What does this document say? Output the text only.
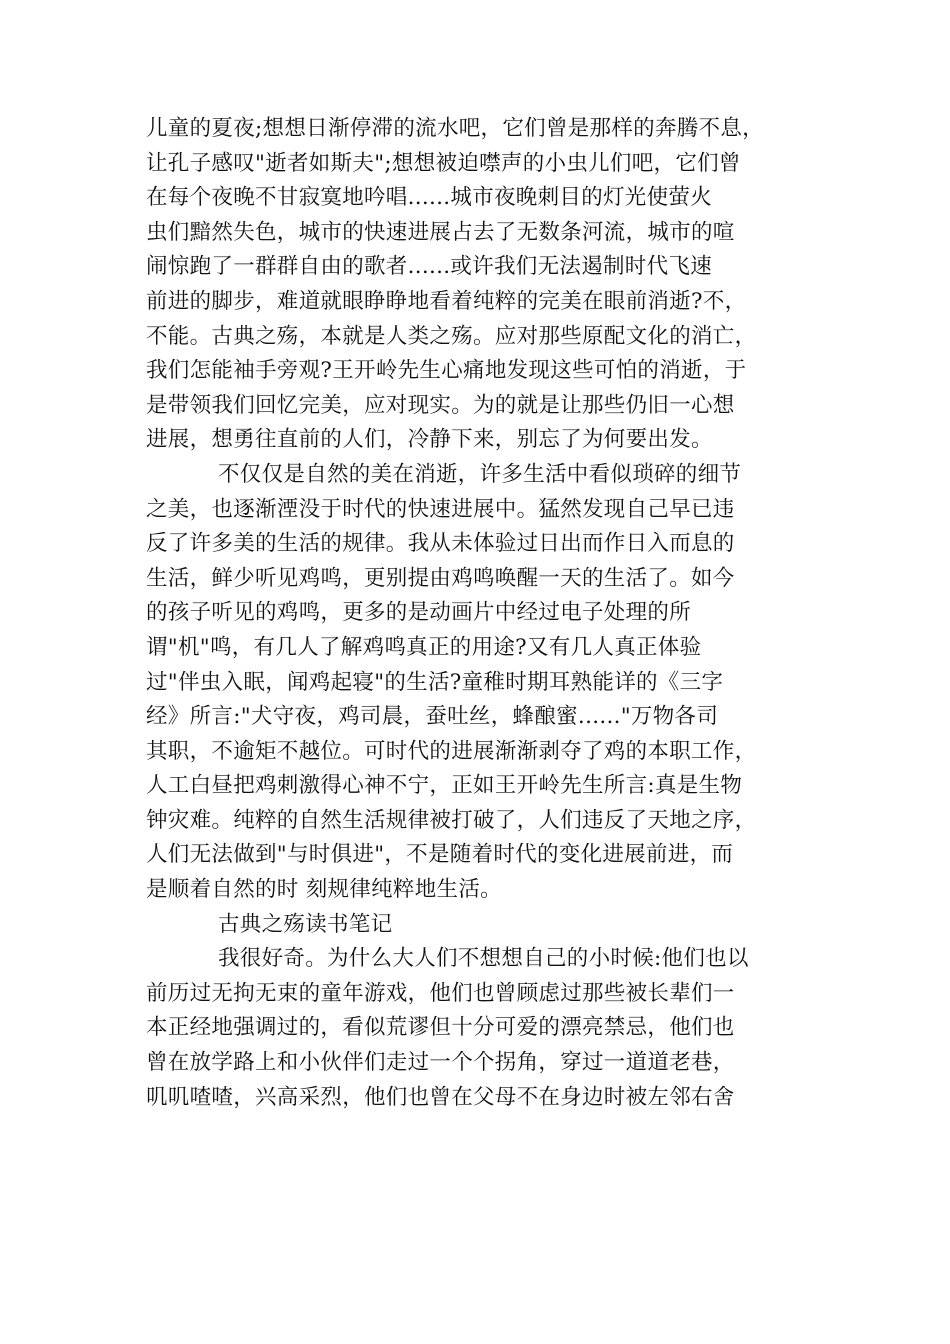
儿童的夏夜;想想日渐停滞的流水吧，它们曾是那样的奔腾不息，
让孔子感叹"逝者如斯夫";想想被迫噤声的小虫儿们吧，它们曾
在每个夜晚不甘寂寞地吟唱......城市夜晚刺目的灯光使萤火
虫们黯然失色，城市的快速进展占去了无数条河流，城市的喧
闹惊跑了一群群自由的歌者......或许我们无法遏制时代飞速
前进的脚步，难道就眼睁睁地看着纯粹的完美在眼前消逝?不，
不能。古典之殇，本就是人类之殇。应对那些原配文化的消亡，
我们怎能袖手旁观?王开岭先生心痛地发现这些可怕的消逝，于
是带领我们回忆完美，应对现实。为的就是让那些仍旧一心想
进展，想勇往直前的人们，冷静下来，别忘了为何要出发。
不仅仅是自然的美在消逝，许多生活中看似琐碎的细节
之美，也逐渐湮没于时代的快速进展中。猛然发现自己早已违
反了许多美的生活的规律。我从未体验过日出而作日入而息的
生活，鲜少听见鸡鸣，更别提由鸡鸣唤醒一天的生活了。如今
的孩子听见的鸡鸣，更多的是动画片中经过电子处理的所
谓"机"鸣，有几人了解鸡鸣真正的用途?又有几人真正体验
过"伴虫入眠，闻鸡起寝"的生活?童稚时期耳熟能详的《三字
经》所言:"犬守夜，鸡司晨，蚕吐丝，蜂酿蜜......"万物各司
其职，不逾矩不越位。可时代的进展渐渐剥夺了鸡的本职工作，
人工白昼把鸡刺激得心神不宁，正如王开岭先生所言:真是生物
钟灾难。纯粹的自然生活规律被打破了，人们违反了天地之序，
人们无法做到"与时俱进"，不是随着时代的变化进展前进，而
是顺着自然的时 刻规律纯粹地生活。
古典之殇读书笔记
我很好奇。为什么大人们不想想自己的小时候:他们也以
前历过无拘无束的童年游戏，他们也曾顾虑过那些被长辈们一
本正经地强调过的，看似荒谬但十分可爱的漂亮禁忌，他们也
曾在放学路上和小伙伴们走过一个个拐角，穿过一道道老巷，
叽叽喳喳，兴高采烈，他们也曾在父母不在身边时被左邻右舍
